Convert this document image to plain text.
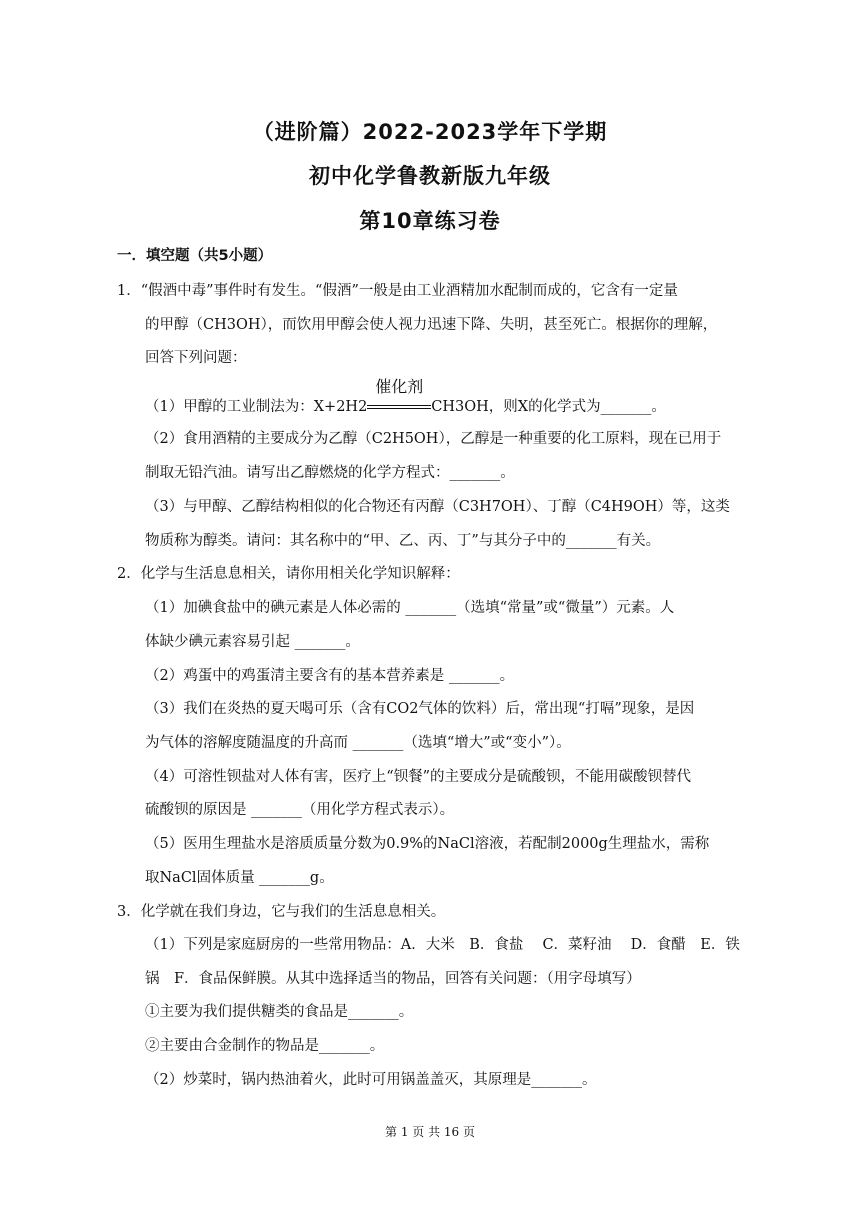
（进阶篇）2022-2023学年下学期
初中化学鲁教新版九年级
第10章练习卷
一．填空题（共5小题）
1．“假酒中毒”事件时有发生。“假酒”一般是由工业酒精加水配制而成的，它含有一定量
的甲醇（CH3OH），而饮用甲醇会使人视力迅速下降、失明，甚至死亡。根据你的理解，
回答下列问题：
（1）甲醇的工业制法为：X+2H2
催化剂
CH3OH，则X的化学式为_______。
（2）食用酒精的主要成分为乙醇（C2H5OH），乙醇是一种重要的化工原料，现在已用于
制取无铅汽油。请写出乙醇燃烧的化学方程式：_______。
（3）与甲醇、乙醇结构相似的化合物还有丙醇（C3H7OH）、丁醇（C4H9OH）等，这类
物质称为醇类。请问：其名称中的“甲、乙、丙、丁”与其分子中的_______有关。
2．化学与生活息息相关，请你用相关化学知识解释：
（1）加碘食盐中的碘元素是人体必需的 _______（选填“常量”或“微量”）元素。人
体缺少碘元素容易引起 _______。
（2）鸡蛋中的鸡蛋清主要含有的基本营养素是 _______。
（3）我们在炎热的夏天喝可乐（含有CO2气体的饮料）后，常出现“打嗝”现象，是因
为气体的溶解度随温度的升高而 _______（选填“增大”或“变小”）。
（4）可溶性钡盐对人体有害，医疗上“钡餐”的主要成分是硫酸钡，不能用碳酸钡替代
硫酸钡的原因是 _______（用化学方程式表示）。
（5）医用生理盐水是溶质质量分数为0.9%的NaCl溶液，若配制2000g生理盐水，需称
取NaCl固体质量 _______g。
3．化学就在我们身边，它与我们的生活息息相关。
（1）下列是家庭厨房的一些常用物品：A．大米　B．食盐　 C．菜籽油　 D．食醋　E．铁
锅　F．食品保鲜膜。从其中选择适当的物品，回答有关问题：（用字母填写）
①主要为我们提供糖类的食品是_______。
②主要由合金制作的物品是_______。
（2）炒菜时，锅内热油着火，此时可用锅盖盖灭，其原理是_______。
第 1 页 共 16 页
